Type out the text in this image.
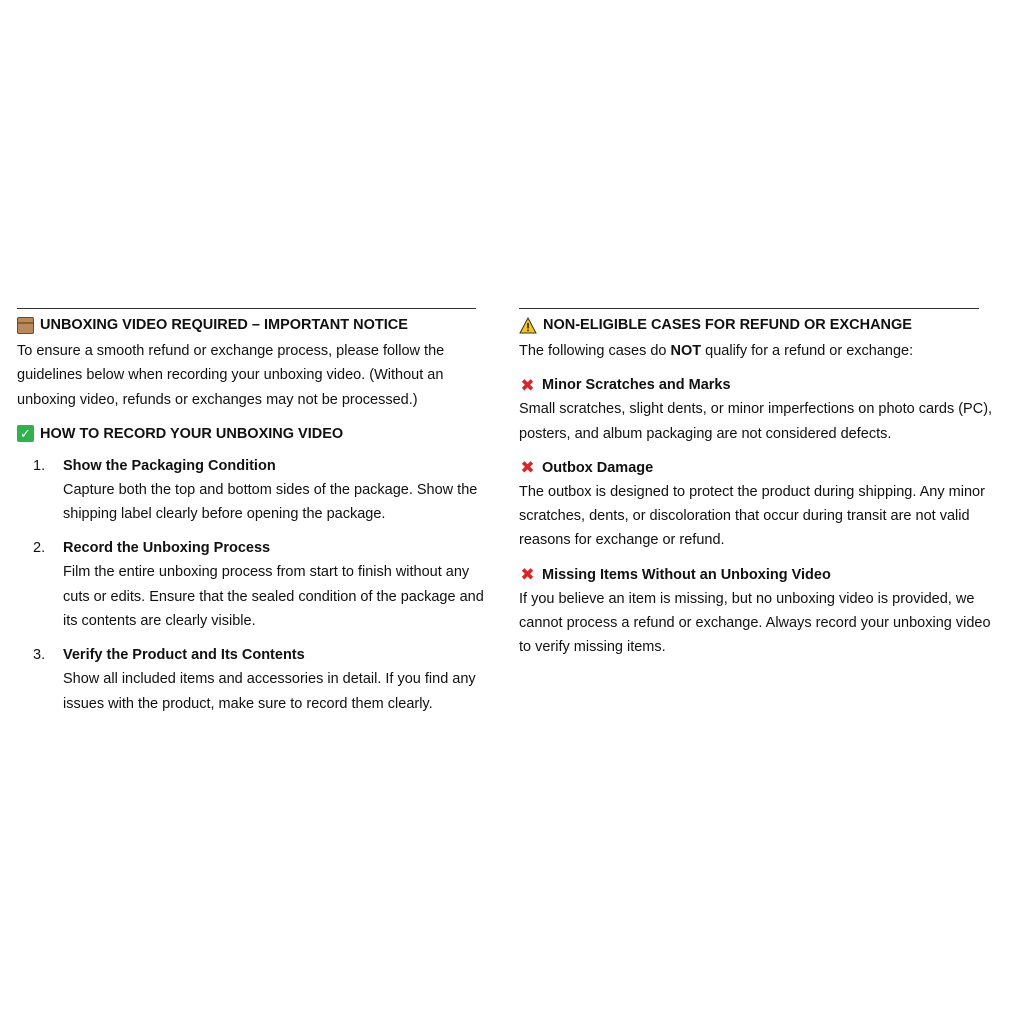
UNBOXING VIDEO REQUIRED – IMPORTANT NOTICE
To ensure a smooth refund or exchange process, please follow the guidelines below when recording your unboxing video. (Without an unboxing video, refunds or exchanges may not be processed.)
✓ HOW TO RECORD YOUR UNBOXING VIDEO
1.	Show the Packaging Condition
Capture both the top and bottom sides of the package. Show the shipping label clearly before opening the package.
2.	Record the Unboxing Process
Film the entire unboxing process from start to finish without any cuts or edits. Ensure that the sealed condition of the package and its contents are clearly visible.
3.	Verify the Product and Its Contents
Show all included items and accessories in detail. If you find any issues with the product, make sure to record them clearly.
NON-ELIGIBLE CASES FOR REFUND OR EXCHANGE
The following cases do NOT qualify for a refund or exchange:
✖ Minor Scratches and Marks
Small scratches, slight dents, or minor imperfections on photo cards (PC), posters, and album packaging are not considered defects.
✖ Outbox Damage
The outbox is designed to protect the product during shipping. Any minor scratches, dents, or discoloration that occur during transit are not valid reasons for exchange or refund.
✖ Missing Items Without an Unboxing Video
If you believe an item is missing, but no unboxing video is provided, we cannot process a refund or exchange. Always record your unboxing video to verify missing items.
